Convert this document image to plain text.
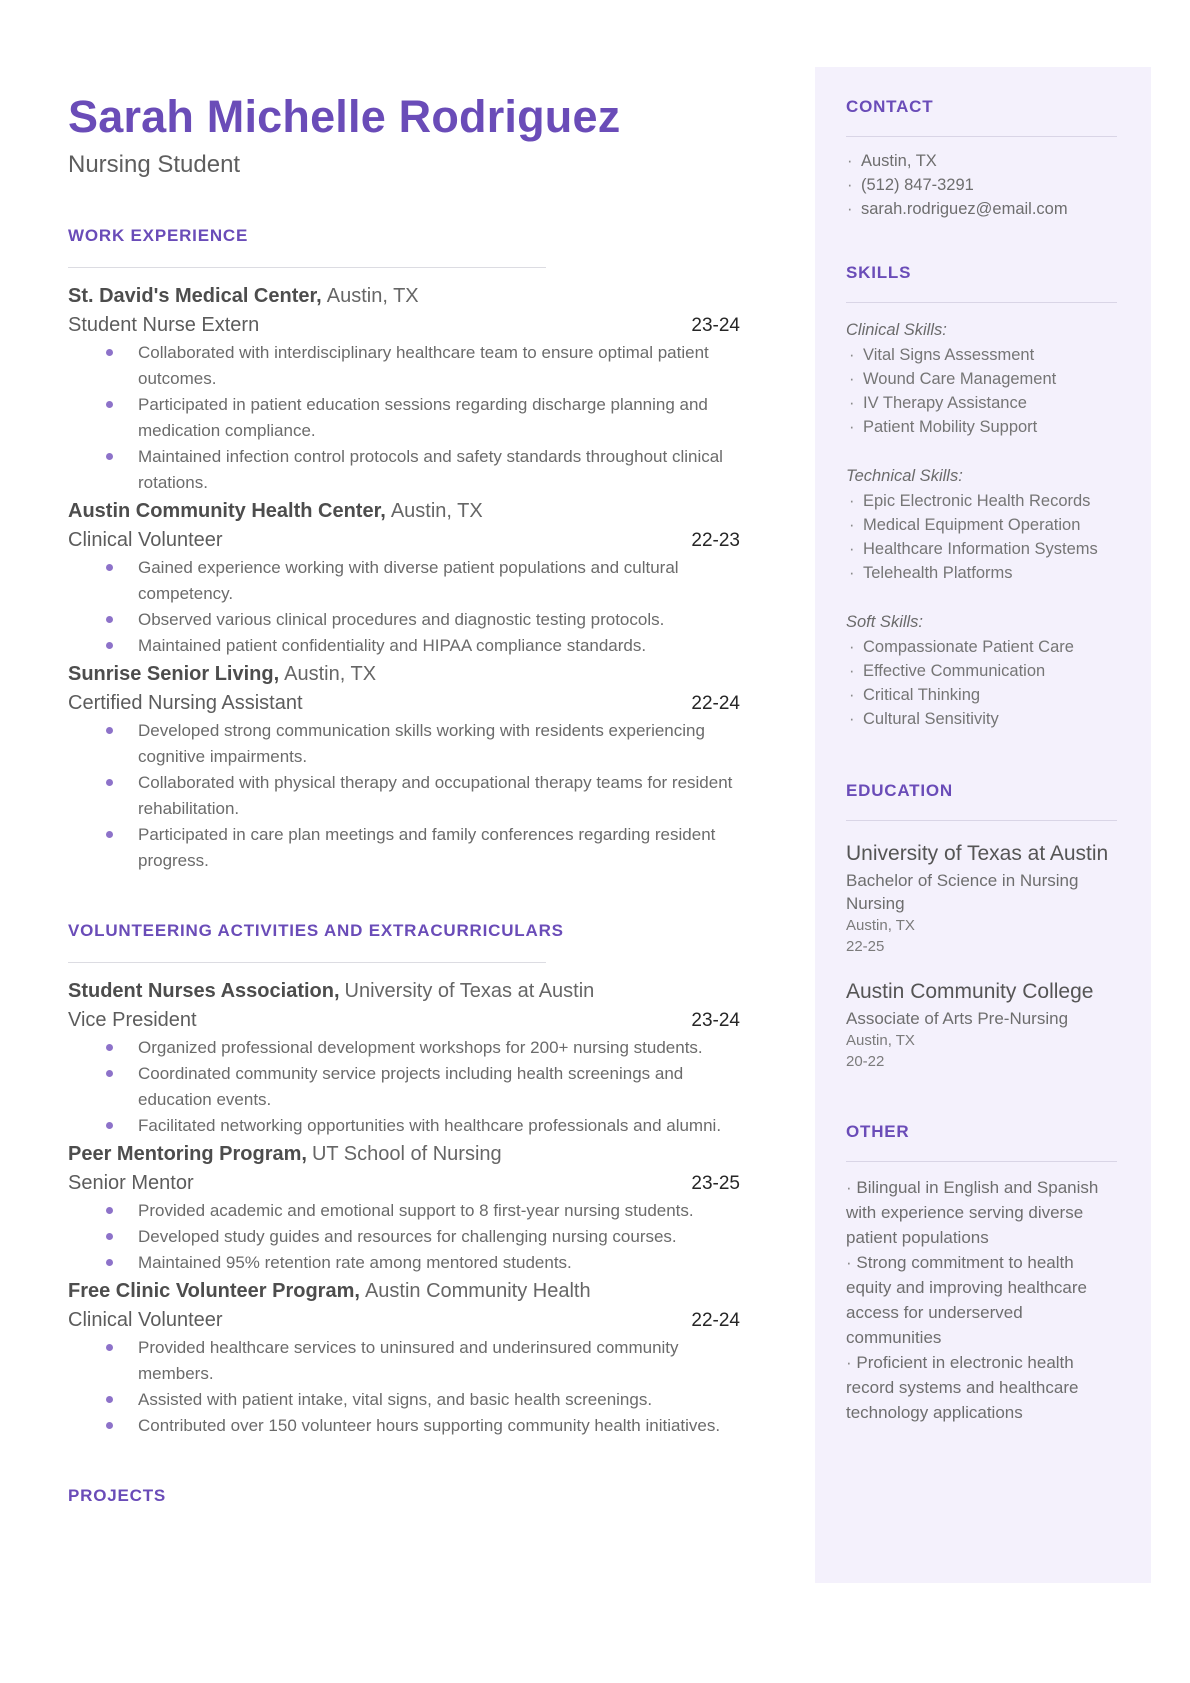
Sarah Michelle Rodriguez
Nursing Student
WORK EXPERIENCE
St. David's Medical Center, Austin, TX
Student Nurse Extern	23-24
Collaborated with interdisciplinary healthcare team to ensure optimal patient outcomes.
Participated in patient education sessions regarding discharge planning and medication compliance.
Maintained infection control protocols and safety standards throughout clinical rotations.
Austin Community Health Center, Austin, TX
Clinical Volunteer	22-23
Gained experience working with diverse patient populations and cultural competency.
Observed various clinical procedures and diagnostic testing protocols.
Maintained patient confidentiality and HIPAA compliance standards.
Sunrise Senior Living, Austin, TX
Certified Nursing Assistant	22-24
Developed strong communication skills working with residents experiencing cognitive impairments.
Collaborated with physical therapy and occupational therapy teams for resident rehabilitation.
Participated in care plan meetings and family conferences regarding resident progress.
VOLUNTEERING ACTIVITIES AND EXTRACURRICULARS
Student Nurses Association, University of Texas at Austin
Vice President	23-24
Organized professional development workshops for 200+ nursing students.
Coordinated community service projects including health screenings and education events.
Facilitated networking opportunities with healthcare professionals and alumni.
Peer Mentoring Program, UT School of Nursing
Senior Mentor	23-25
Provided academic and emotional support to 8 first-year nursing students.
Developed study guides and resources for challenging nursing courses.
Maintained 95% retention rate among mentored students.
Free Clinic Volunteer Program, Austin Community Health
Clinical Volunteer	22-24
Provided healthcare services to uninsured and underinsured community members.
Assisted with patient intake, vital signs, and basic health screenings.
Contributed over 150 volunteer hours supporting community health initiatives.
PROJECTS
CONTACT
· Austin, TX
· (512) 847-3291
· sarah.rodriguez@email.com
SKILLS
Clinical Skills:
· Vital Signs Assessment
· Wound Care Management
· IV Therapy Assistance
· Patient Mobility Support
Technical Skills:
· Epic Electronic Health Records
· Medical Equipment Operation
· Healthcare Information Systems
· Telehealth Platforms
Soft Skills:
· Compassionate Patient Care
· Effective Communication
· Critical Thinking
· Cultural Sensitivity
EDUCATION
University of Texas at Austin
Bachelor of Science in Nursing
Nursing
Austin, TX
22-25
Austin Community College
Associate of Arts Pre-Nursing
Austin, TX
20-22
OTHER

· Bilingual in English and Spanish with experience serving diverse patient populations

· Strong commitment to health equity and improving healthcare access for underserved communities

· Proficient in electronic health record systems and healthcare technology applications
